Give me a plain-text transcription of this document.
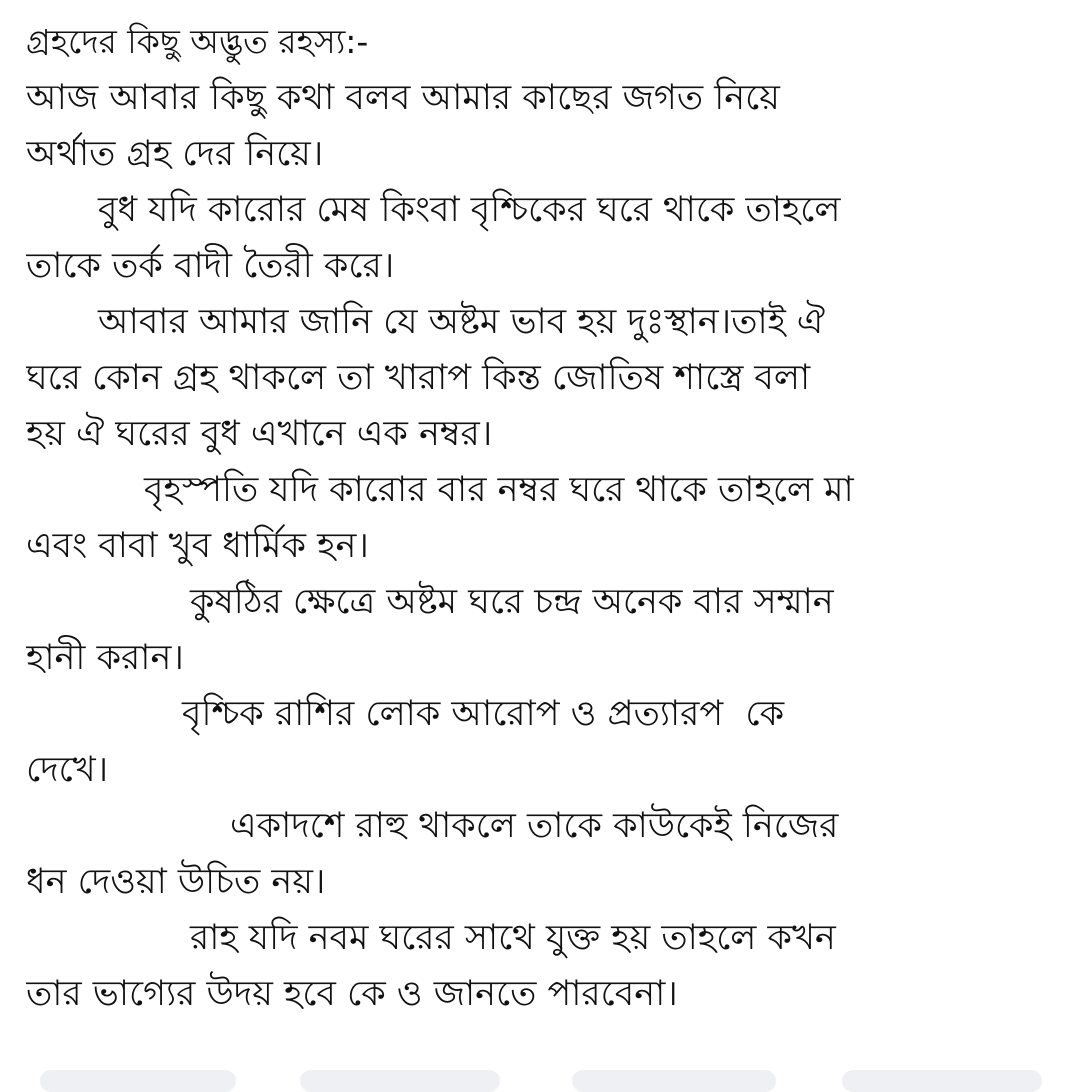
গ্রহদের কিছু অদ্ভুত রহস্য:-
আজ আবার কিছু কথা বলব আমার কাছের জগত নিয়ে
অর্থাত গ্রহ দের নিয়ে।
বুধ যদি কারোর মেষ কিংবা বৃশ্চিকের ঘরে থাকে তাহলে
তাকে তর্ক বাদী তৈরী করে।
আবার আমার জানি যে অষ্টম ভাব হয় দুঃস্থান।তাই ঐ
ঘরে কোন গ্রহ থাকলে তা খারাপ কিন্ত জোতিষ শাস্ত্রে বলা
হয় ঐ ঘরের বুধ এখানে এক নম্বর।
বৃহস্পতি যদি কারোর বার নম্বর ঘরে থাকে তাহলে মা
এবং বাবা খুব ধার্মিক হন।
কুষঠির ক্ষেত্রে অষ্টম ঘরে চন্দ্র অনেক বার সম্মান
হানী করান।
বৃশ্চিক রাশির লোক আরোপ ও প্রত্যারপ  কে
দেখে।
একাদশে রাহু থাকলে তাকে কাউকেই নিজের
ধন দেওয়া উচিত নয়।
রাহ যদি নবম ঘরের সাথে যুক্ত হয় তাহলে কখন
তার ভাগ্যের উদয় হবে কে ও জানতে পারবেনা।
